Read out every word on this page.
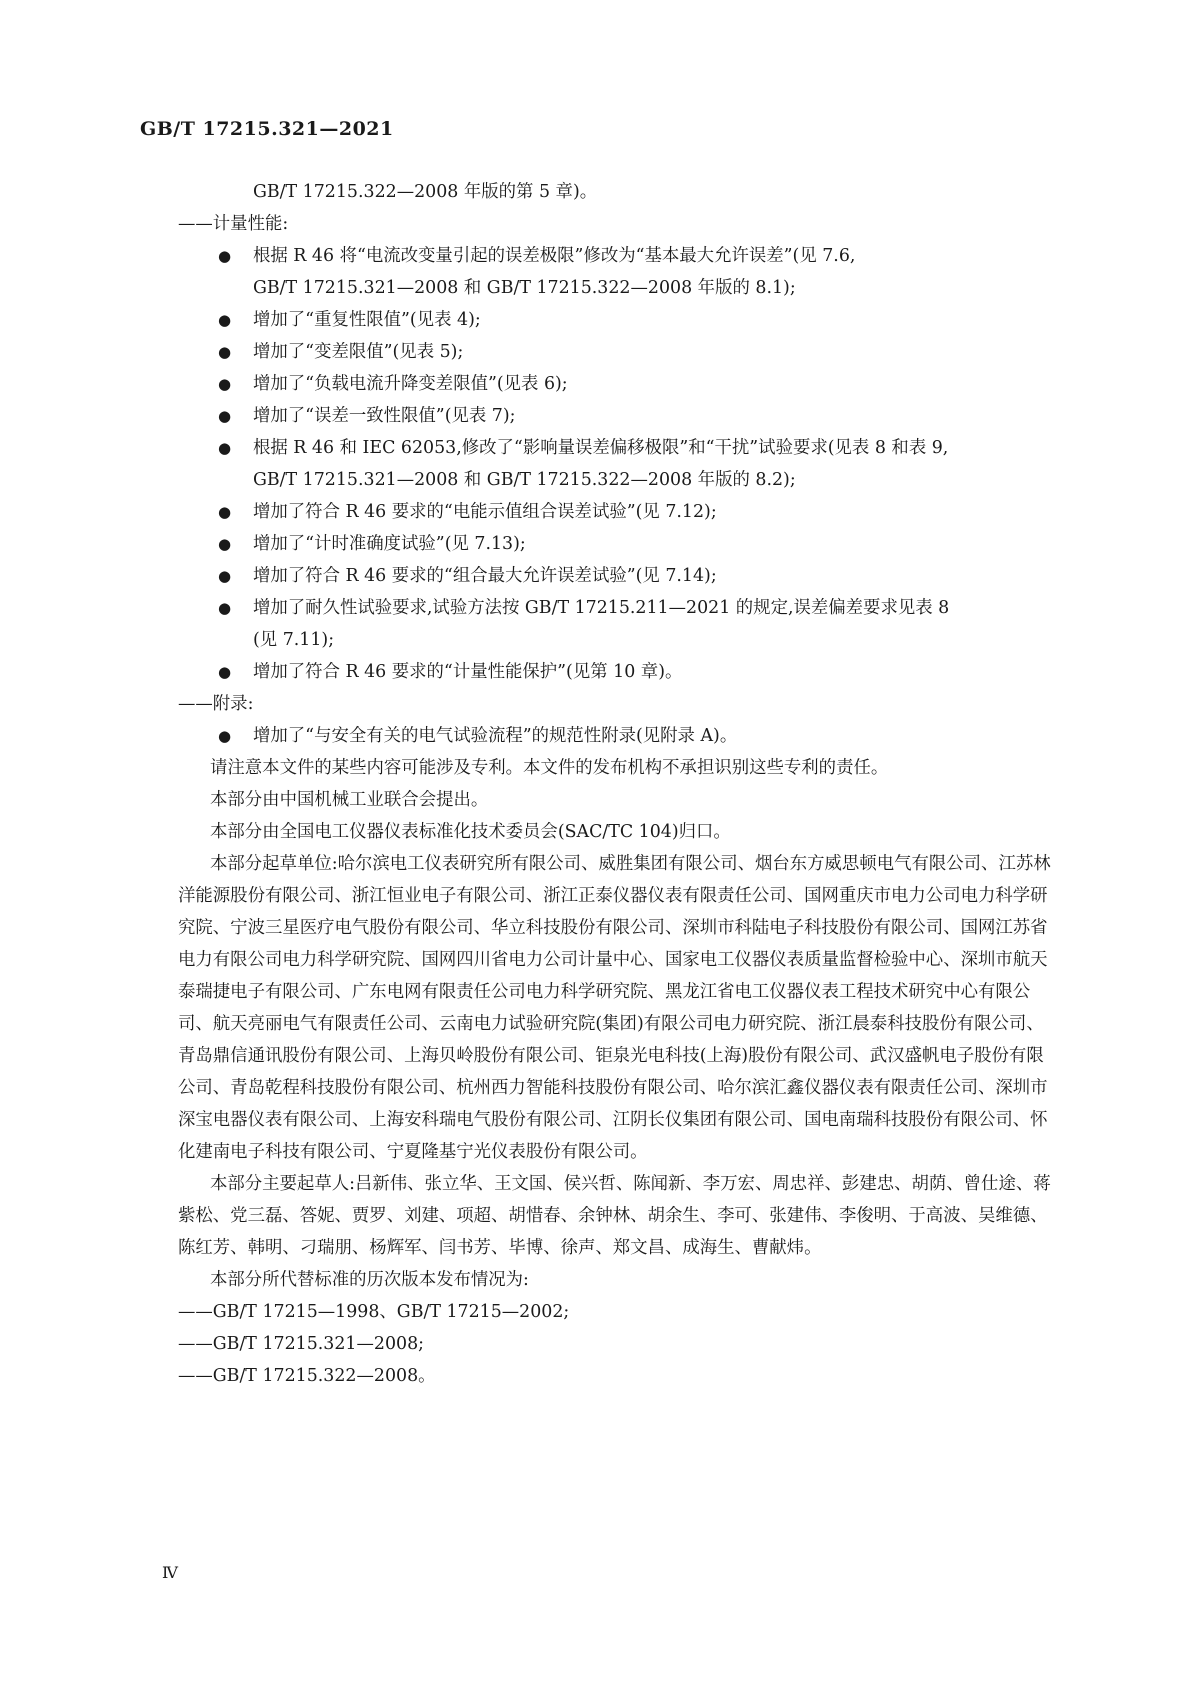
GB/T 17215.321—2021
GB/T 17215.322—2008 年版的第 5 章)。
——计量性能:
● 根据 R 46 将“电流改变量引起的误差极限”修改为“基本最大允许误差”(见 7.6,
GB/T 17215.321—2008 和 GB/T 17215.322—2008 年版的 8.1);
● 增加了“重复性限值”(见表 4);
● 增加了“变差限值”(见表 5);
● 增加了“负载电流升降变差限值”(见表 6);
● 增加了“误差一致性限值”(见表 7);
● 根据 R 46 和 IEC 62053,修改了“影响量误差偏移极限”和“干扰”试验要求(见表 8 和表 9,
GB/T 17215.321—2008 和 GB/T 17215.322—2008 年版的 8.2);
● 增加了符合 R 46 要求的“电能示值组合误差试验”(见 7.12);
● 增加了“计时准确度试验”(见 7.13);
● 增加了符合 R 46 要求的“组合最大允许误差试验”(见 7.14);
● 增加了耐久性试验要求,试验方法按 GB/T 17215.211—2021 的规定,误差偏差要求见表 8
(见 7.11);
● 增加了符合 R 46 要求的“计量性能保护”(见第 10 章)。
——附录:
● 增加了“与安全有关的电气试验流程”的规范性附录(见附录 A)。
请注意本文件的某些内容可能涉及专利。本文件的发布机构不承担识别这些专利的责任。
本部分由中国机械工业联合会提出。
本部分由全国电工仪器仪表标准化技术委员会(SAC/TC 104)归口。
本部分起草单位:哈尔滨电工仪表研究所有限公司、威胜集团有限公司、烟台东方威思顿电气有限公司、江苏林洋能源股份有限公司、浙江恒业电子有限公司、浙江正泰仪器仪表有限责任公司、国网重庆市电力公司电力科学研究院、宁波三星医疗电气股份有限公司、华立科技股份有限公司、深圳市科陆电子科技股份有限公司、国网江苏省电力有限公司电力科学研究院、国网四川省电力公司计量中心、国家电工仪器仪表质量监督检验中心、深圳市航天泰瑞捷电子有限公司、广东电网有限责任公司电力科学研究院、黑龙江省电工仪器仪表工程技术研究中心有限公司、航天亮丽电气有限责任公司、云南电力试验研究院(集团)有限公司电力研究院、浙江晨泰科技股份有限公司、青岛鼎信通讯股份有限公司、上海贝岭股份有限公司、钜泉光电科技(上海)股份有限公司、武汉盛帆电子股份有限公司、青岛乾程科技股份有限公司、杭州西力智能科技股份有限公司、哈尔滨汇鑫仪器仪表有限责任公司、深圳市深宝电器仪表有限公司、上海安科瑞电气股份有限公司、江阴长仪集团有限公司、国电南瑞科技股份有限公司、怀化建南电子科技有限公司、宁夏隆基宁光仪表股份有限公司。
本部分主要起草人:吕新伟、张立华、王文国、侯兴哲、陈闻新、李万宏、周忠祥、彭建忠、胡荫、曾仕途、蒋紫松、党三磊、答妮、贾罗、刘建、项超、胡惜春、余钟林、胡余生、李可、张建伟、李俊明、于高波、吴维德、陈红芳、韩明、刁瑞朋、杨辉军、闫书芳、毕博、徐声、郑文昌、成海生、曹献炜。
本部分所代替标准的历次版本发布情况为:
——GB/T 17215—1998、GB/T 17215—2002;
——GB/T 17215.321—2008;
——GB/T 17215.322—2008。
Ⅳ
